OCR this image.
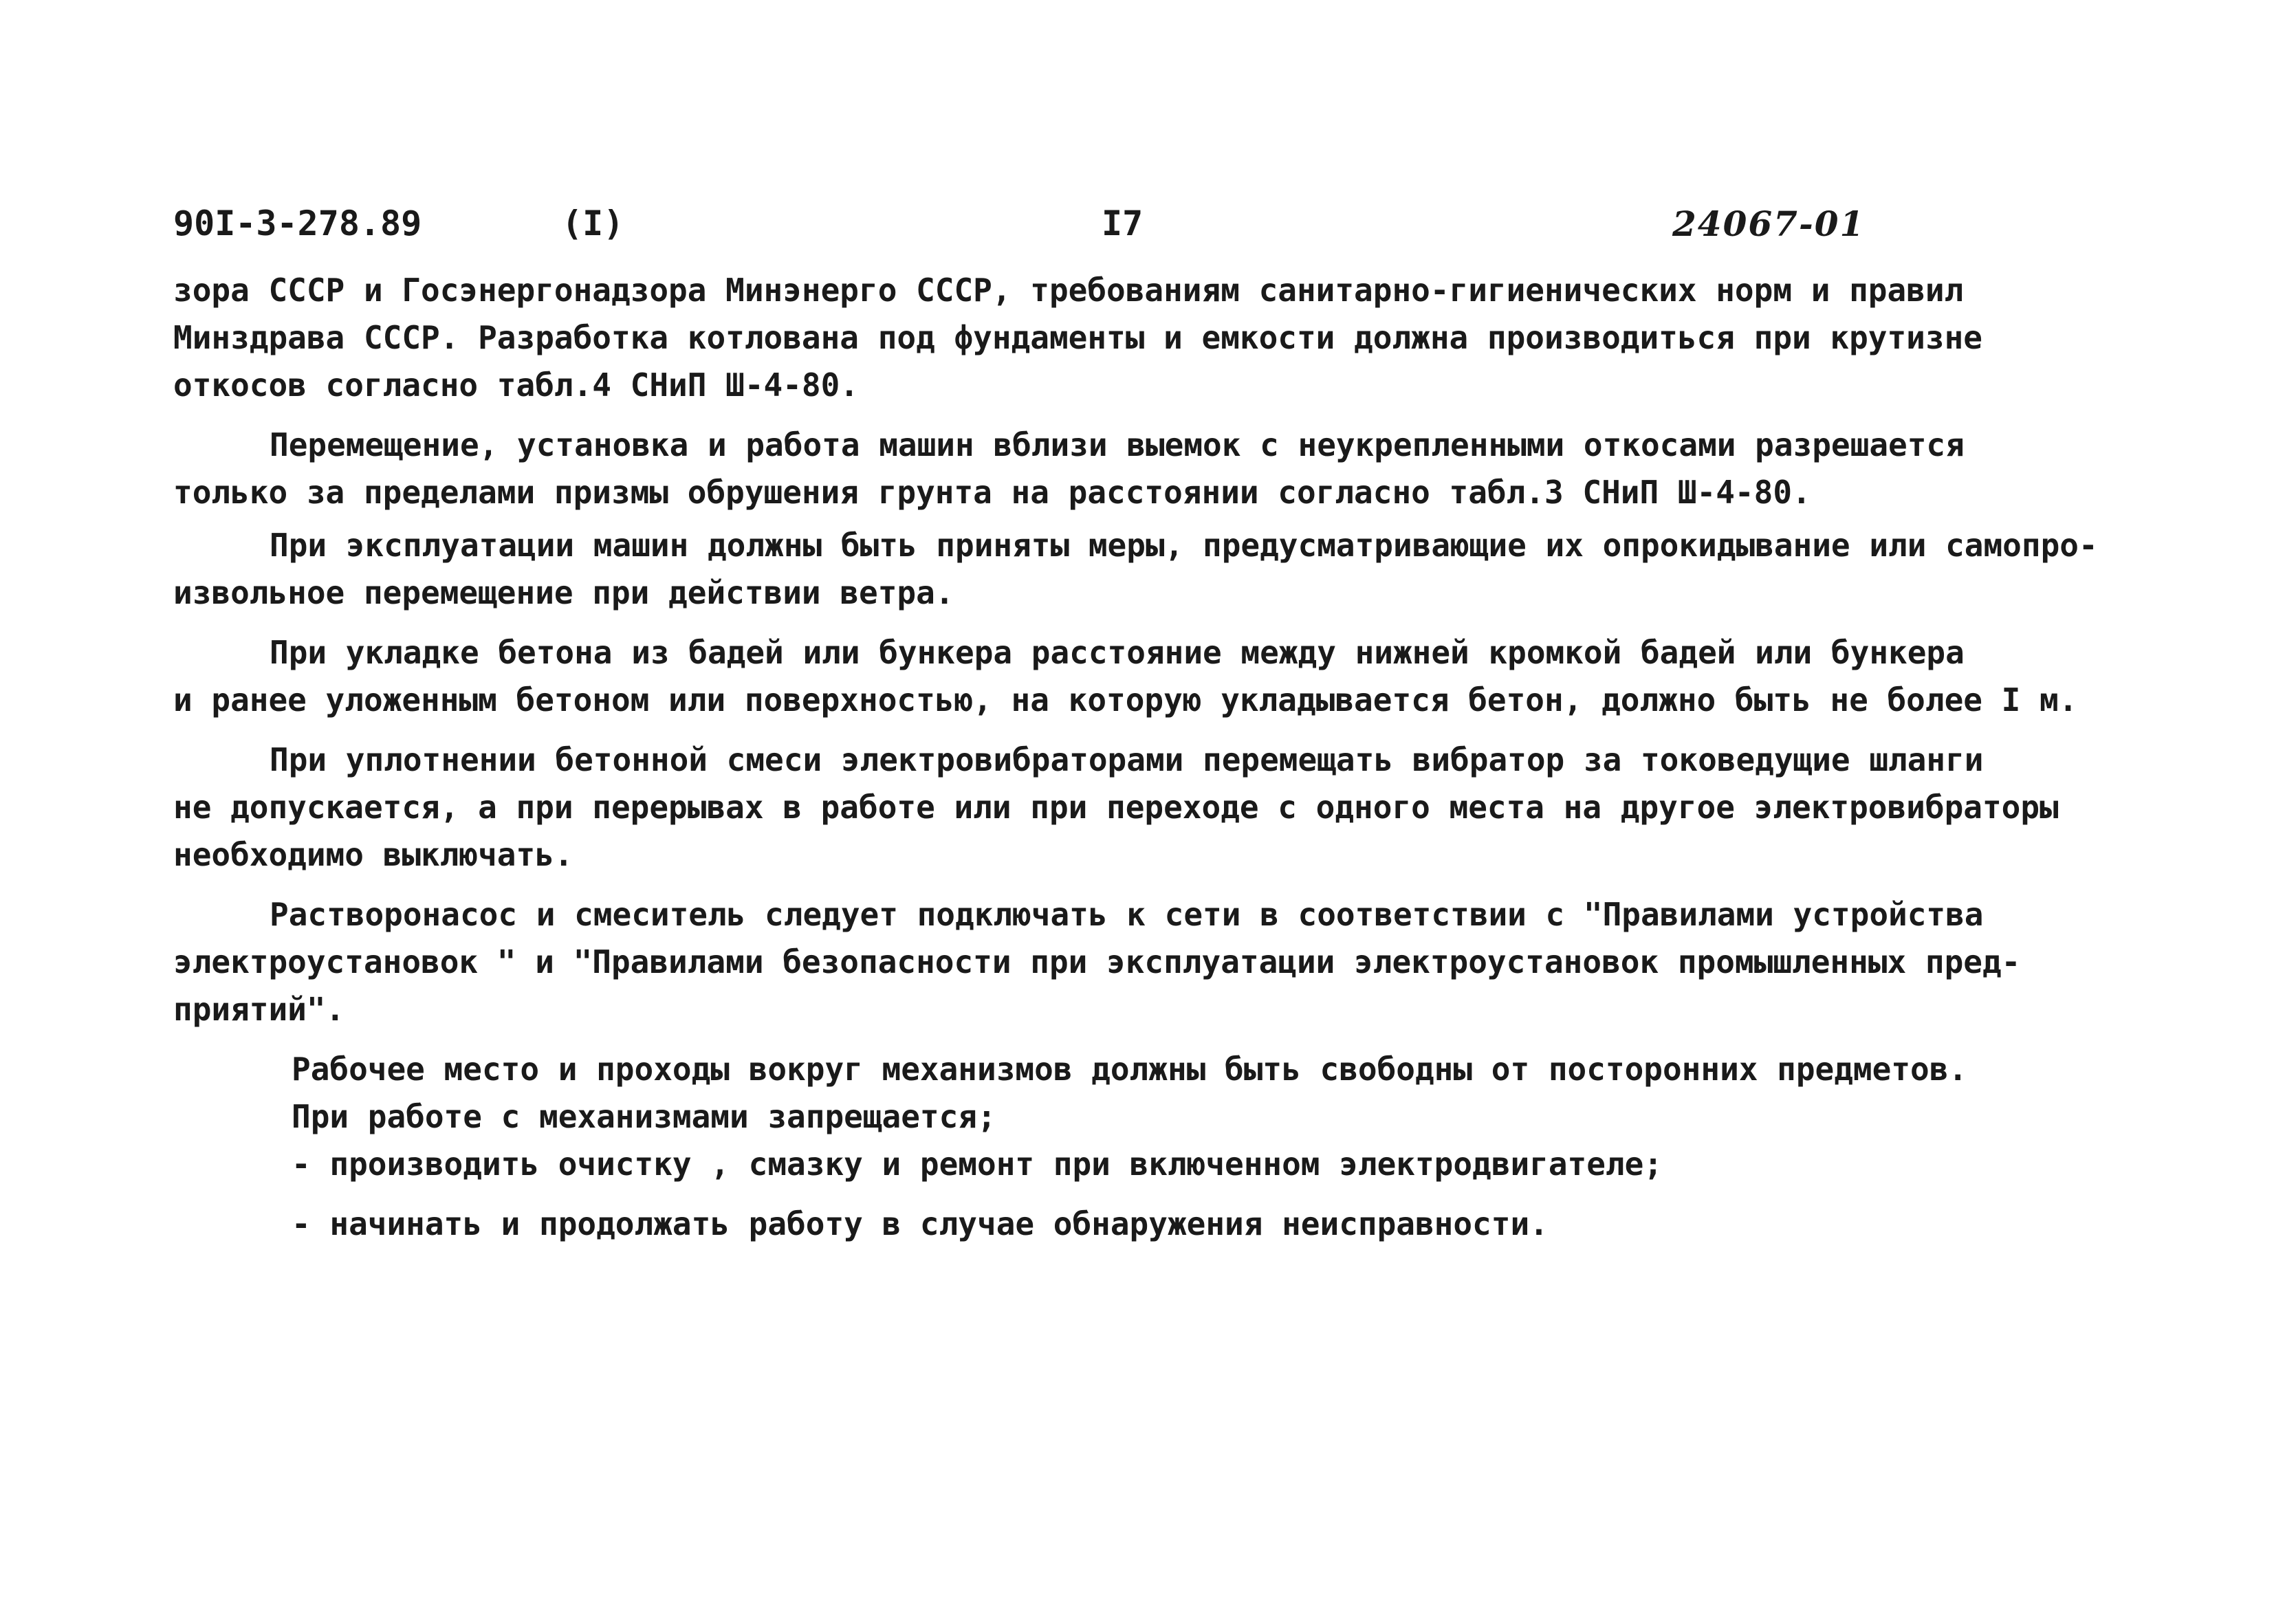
90I-3-278.89	(I)	I7	24067-01
зора СССР и Госэнергонадзора Минэнерго СССР, требованиям санитарно-гигиенических норм и правил
Минздрава СССР. Разработка котлована под фундаменты и емкости должна производиться при крутизне
откосов согласно табл.4 СНиП Ш-4-80.
Перемещение, установка и работа машин вблизи выемок с неукрепленными откосами разрешается
только за пределами призмы обрушения грунта на расстоянии согласно табл.3 СНиП Ш-4-80.
При эксплуатации машин должны быть приняты меры, предусматривающие их опрокидывание или самопро-
извольное перемещение при действии ветра.
При укладке бетона из бадей или бункера расстояние между нижней кромкой бадей или бункера
и ранее уложенным бетоном или поверхностью, на которую укладывается бетон, должно быть не более I м.
При уплотнении бетонной смеси электровибраторами перемещать вибратор за токоведущие шланги
не допускается, а при перерывах в работе или при переходе с одного места на другое электровибраторы
необходимо выключать.
Растворонасос и смеситель следует подключать к сети в соответствии с "Правилами устройства
электроустановок " и "Правилами безопасности при эксплуатации электроустановок промышленных пред-
приятий".
Рабочее место и проходы вокруг механизмов должны быть свободны от посторонних предметов.
При работе с механизмами запрещается;
- производить очистку , смазку и ремонт при включенном электродвигателе;
- начинать и продолжать работу в случае обнаружения неисправности.
